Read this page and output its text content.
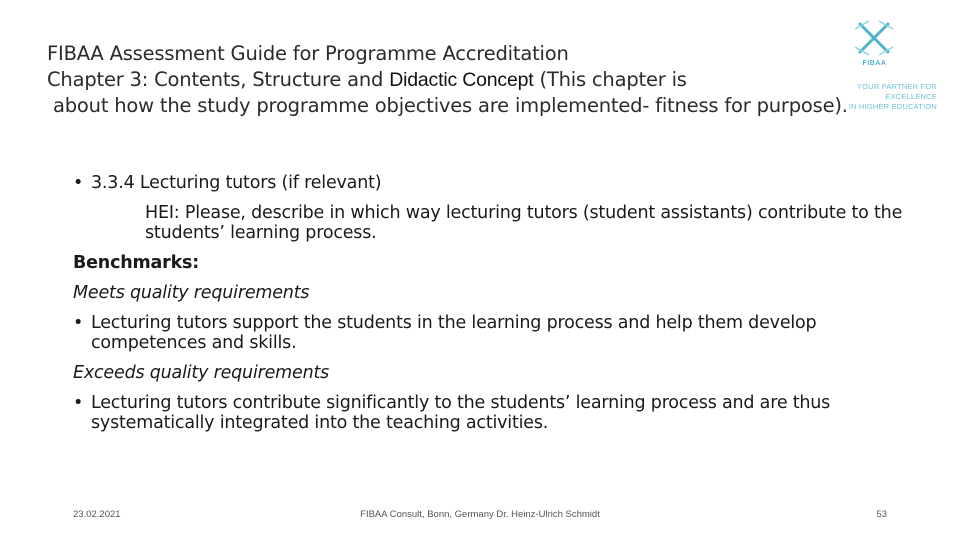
FIBAA Assessment Guide for Programme Accreditation
Chapter 3: Contents, Structure and Didactic Concept (This chapter is
about how the study programme objectives are implemented- fitness for purpose).
FIBAA
YOUR PARTNER FOR EXCELLENCE
IN HIGHER EDUCATION
• 3.3.4 Lecturing tutors (if relevant)
HEI: Please, describe in which way lecturing tutors (student assistants) contribute to the students’ learning process.
Benchmarks:
Meets quality requirements
• Lecturing tutors support the students in the learning process and help them develop competences and skills.
Exceeds quality requirements
• Lecturing tutors contribute significantly to the students’ learning process and are thus systematically integrated into the teaching activities.
23.02.2021	FIBAA Consult, Bonn, Germany Dr. Heinz-Ulrich Schmidt	53
